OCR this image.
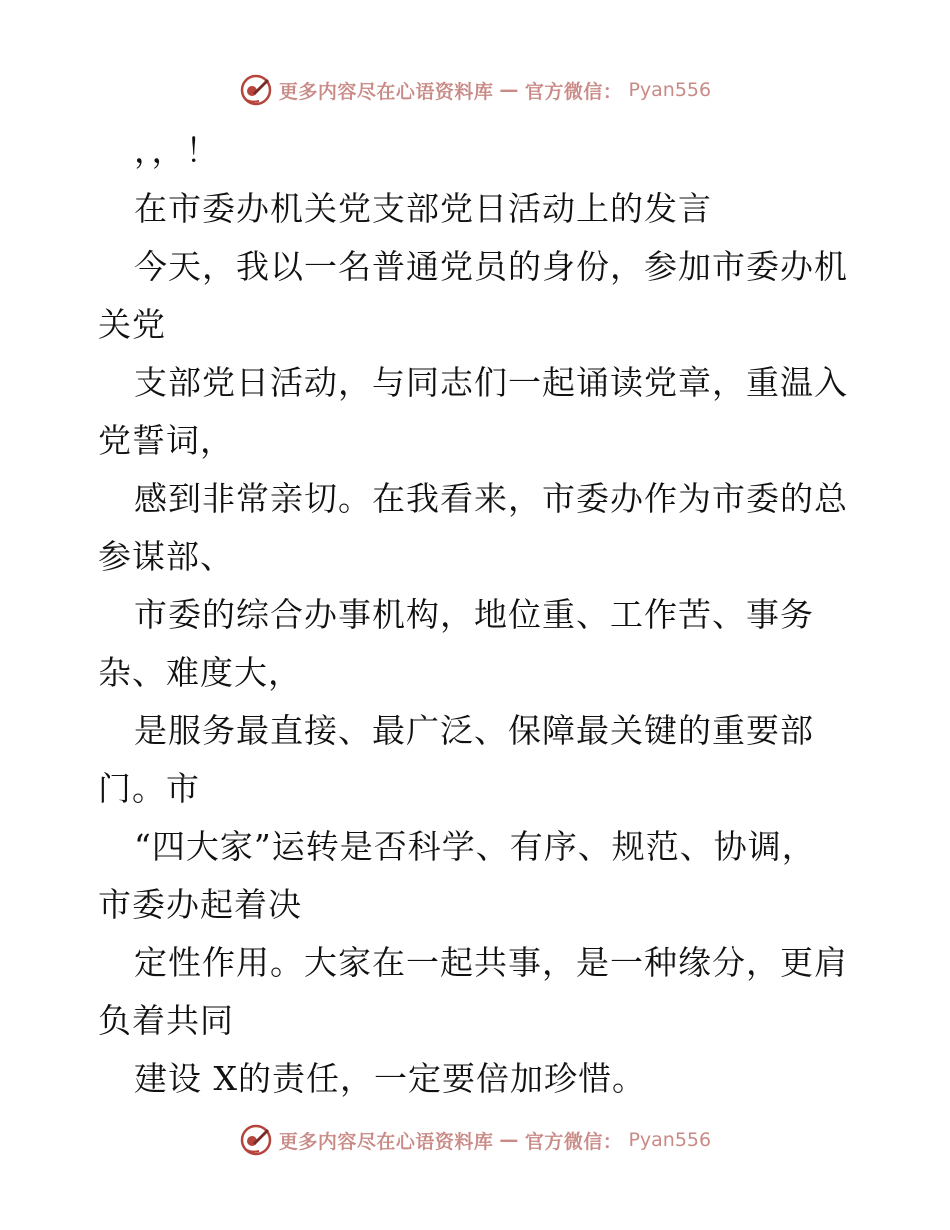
更多内容尽在心语资料库 — 官方微信： Pyan556
，，！
在市委办机关党支部党日活动上的发言
今天，我以一名普通党员的身份，参加市委办机
关党
支部党日活动，与同志们一起诵读党章，重温入
党誓词，
感到非常亲切。在我看来，市委办作为市委的总
参谋部、
市委的综合办事机构，地位重、工作苦、事务
杂、难度大，
是服务最直接、最广泛、保障最关键的重要部
门。市
“四大家”运转是否科学、有序、规范、协调，
市委办起着决
定性作用。大家在一起共事，是一种缘分，更肩
负着共同
建设 X的责任，一定要倍加珍惜。
更多内容尽在心语资料库 — 官方微信： Pyan556
